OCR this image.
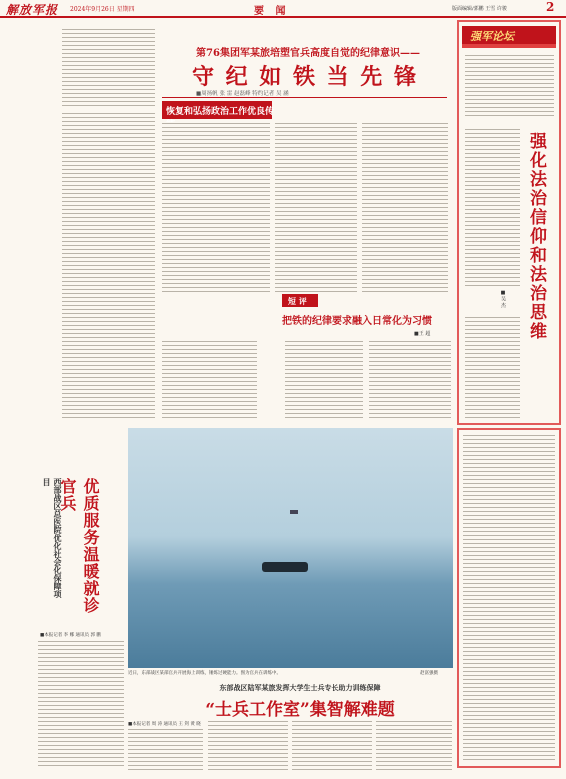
解放军报 2024年9月26日 星期四	要 闻	版面编辑/郭鹏 王雪 许骏	2
第76集团军某旅培塑官兵高度自觉的纪律意识——
守 纪 如 铁 当 先 锋
■周扬帆 张 雷 赵磊峰 特约记者 吴 涵
恢复和弘扬政治工作优良传
短 评
把铁的纪律要求融入日常化为习惯
■王 超
强军论坛
强化法治信仰和法治思维
■吴 杰
西部战区总医院优化社会化保障项目	优质服务温暖就诊官兵
■本报记者 李 娜 通讯员 郭 鹏
近日，东部战区某部官兵开展海上训练，锤炼过硬能力。图为官兵在训练中。	赵富强摄
东部战区陆军某旅发挥大学生士兵专长助力训练保障
“士兵工作室”集智解难题
■本报记者 周 涛 通讯员 王 剑 黄 晓
